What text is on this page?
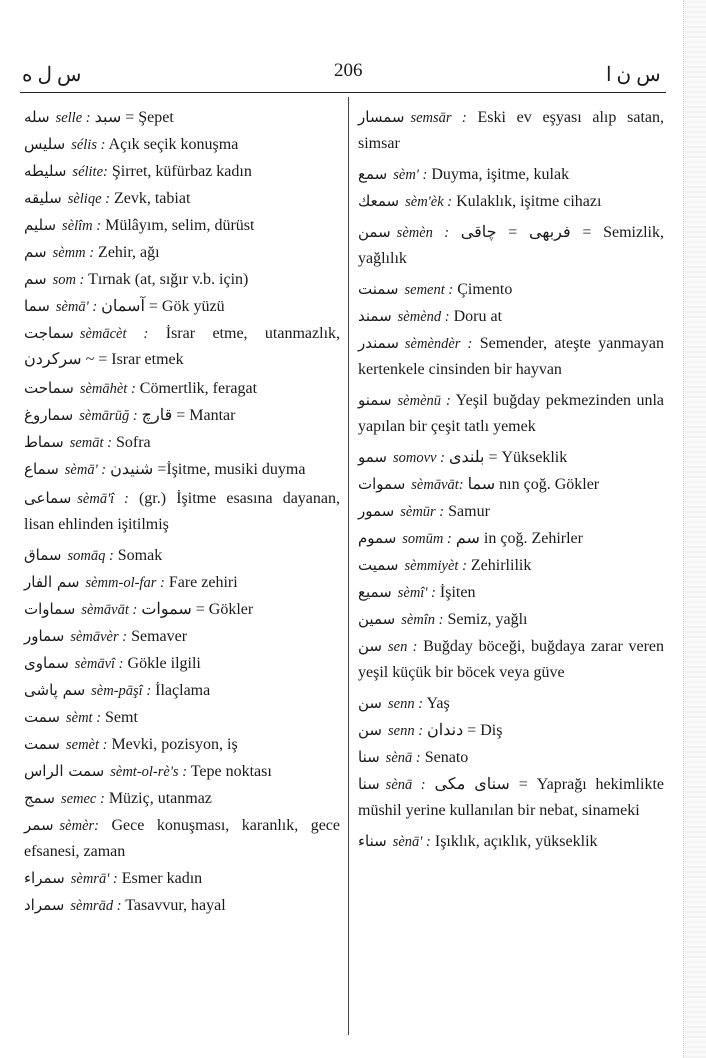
س ل ه	206	س ن ا

سله selle : سبد = Şepet

سليس sélis : Açık seçik konuşma

سليطه sélite: Şirret, küfürbaz kadın

سليقه sèliqe : Zevk, tabiat

سليم sèlîm : Mülâyım, selim, dürüst

سم sèmm : Zehir, ağı

سم som : Tırnak (at, sığır v.b. için)

سما sèmā' : آسمان = Gök yüzü

سماجت sèmācèt : İsrar etme, utanmazlık, سرکردن ~ = Israr etmek

سماحت sèmāhèt : Cömertlik, feragat

سماروغ sèmārūğ : قارچ = Mantar

سماط semāt : Sofra

سماع sèmā' : شنيدن =İşitme, musiki duyma

سماعى sèmā'î : (gr.) İşitme esasına dayanan, lisan ehlinden işitilmiş

سماق somāq : Somak

سم الفار sèmm-ol-far : Fare zehiri

سماوات sèmāvāt : سموات = Gökler

سماور sèmāvèr : Semaver

سماوى sèmāvî : Gökle ilgili

سم پاشى sèm-pāşî : İlaçlama

سمت sèmt : Semt

سمت semèt : Mevki, pozisyon, iş

سمت الراس sèmt-ol-rè's : Tepe noktası

سمج semec : Müziç, utanmaz

سمر sèmèr: Gece konuşması, karanlık, gece efsanesi, zaman

سمراء sèmrā' : Esmer kadın

سمراد sèmrād : Tasavvur, hayal

سمسار semsār : Eski ev eşyası alıp satan, simsar

سمع sèm' : Duyma, işitme, kulak

سمعك sèm'èk : Kulaklık, işitme cihazı

سمن sèmèn : فربهى = چاقى = Semizlik, yağlılık

سمنت sement : Çimento

سمند sèmènd : Doru at

سمندر sèmèndèr : Semender, ateşte yanmayan kertenkele cinsinden bir hayvan

سمنو sèmènū : Yeşil buğday pekmezinden unla yapılan bir çeşit tatlı yemek

سمو somovv : بلندى = Yükseklik

سموات sèmāvāt: سما nın çoğ. Gökler

سمور sèmūr : Samur

سموم somūm : سم in çoğ. Zehirler

سميت sèmmiyèt : Zehirlilik

سميع sèmî' : İşiten

سمين sèmîn : Semiz, yağlı

سن sen : Buğday böceği, buğdaya zarar veren yeşil küçük bir böcek veya güve

سن senn : Yaş

سن senn : دندان = Diş

سنا sènā : Senato

سنا sènā : سنای مکی = Yaprağı hekimlikte müshil yerine kullanılan bir nebat, sinameki

سناء sènā' : Işıklık, açıklık, yükseklik
